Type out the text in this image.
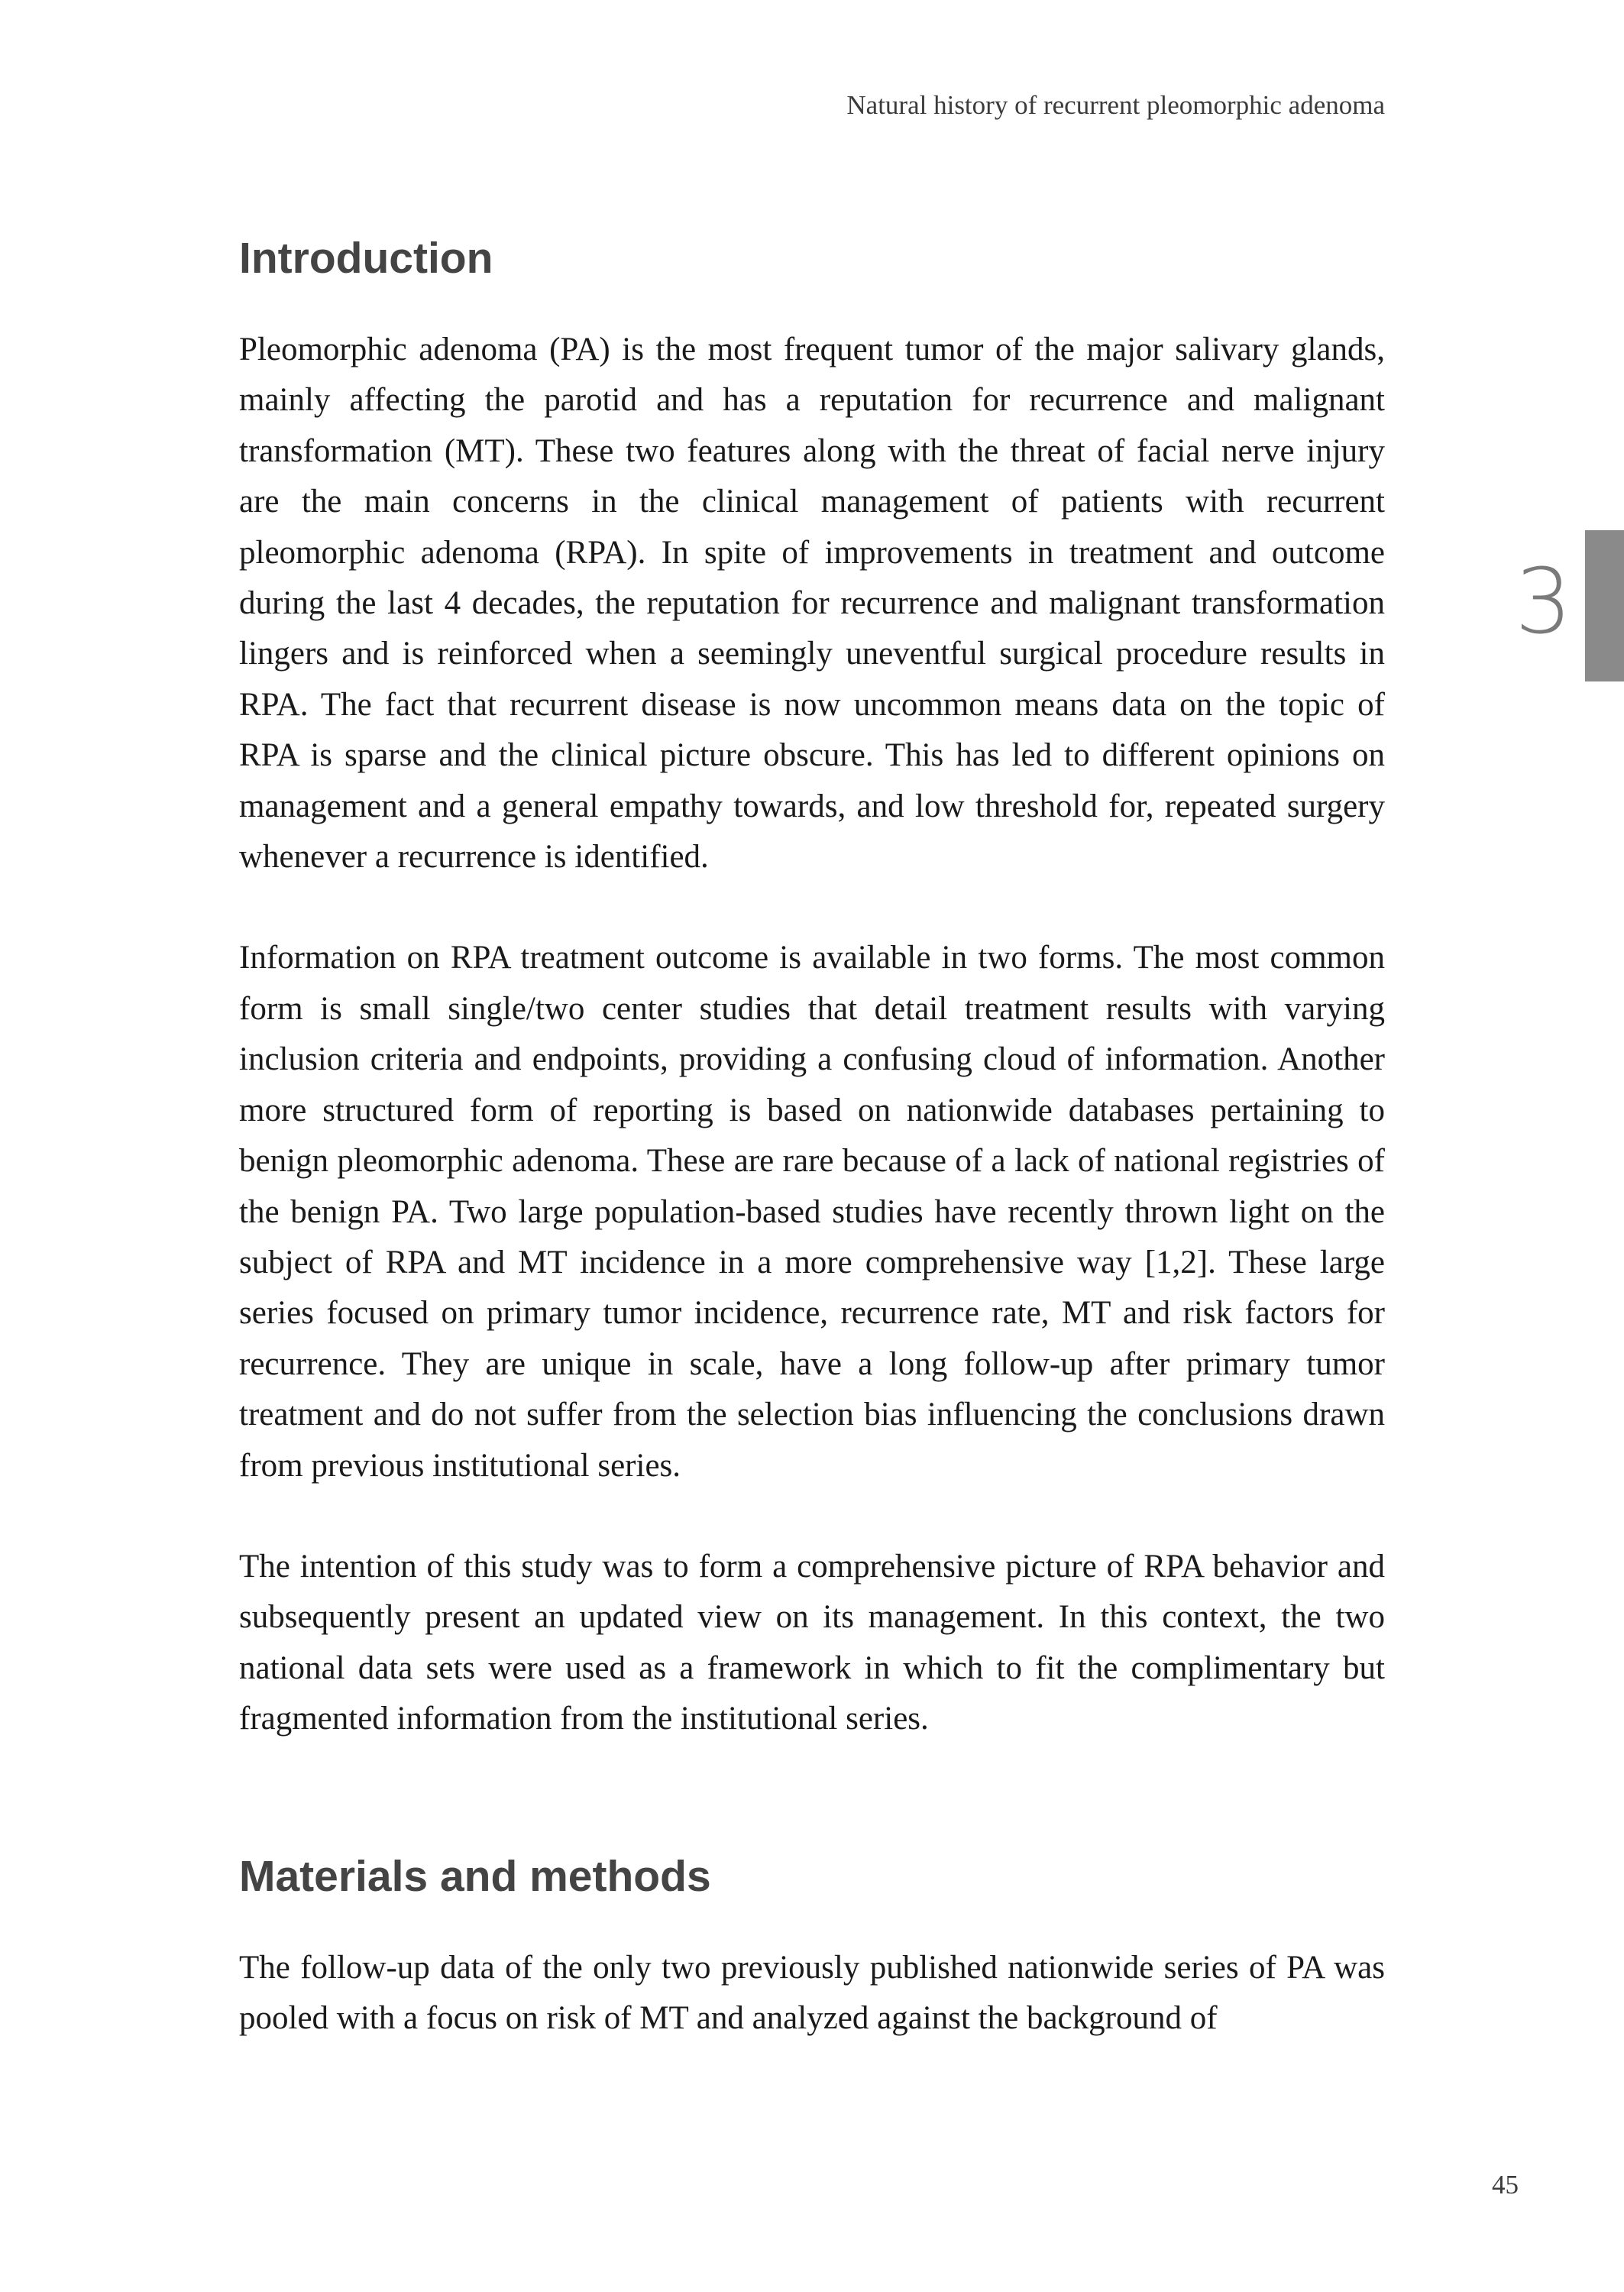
Natural history of recurrent pleomorphic adenoma

3

Introduction

Pleomorphic adenoma (PA) is the most frequent tumor of the major salivary glands, mainly affecting the parotid and has a reputation for recurrence and malignant transformation (MT). These two features along with the threat of facial nerve injury are the main concerns in the clinical management of patients with recurrent pleomorphic adenoma (RPA). In spite of improvements in treatment and outcome during the last 4 decades, the reputation for recurrence and malignant transformation lingers and is reinforced when a seemingly uneventful surgical procedure results in RPA. The fact that recurrent disease is now uncommon means data on the topic of RPA is sparse and the clinical picture obscure. This has led to different opinions on management and a general empathy towards, and low threshold for, repeated surgery whenever a recurrence is identified.

Information on RPA treatment outcome is available in two forms. The most common form is small single/two center studies that detail treatment results with varying inclusion criteria and endpoints, providing a confusing cloud of information. Another more structured form of reporting is based on nationwide databases pertaining to benign pleomorphic adenoma. These are rare because of a lack of national registries of the benign PA. Two large population-based studies have recently thrown light on the subject of RPA and MT incidence in a more comprehensive way [1,2]. These large series focused on primary tumor incidence, recurrence rate, MT and risk factors for recurrence. They are unique in scale, have a long follow-up after primary tumor treatment and do not suffer from the selection bias influencing the conclusions drawn from previous institutional series.

The intention of this study was to form a comprehensive picture of RPA behavior and subsequently present an updated view on its management. In this context, the two national data sets were used as a framework in which to fit the complimentary but fragmented information from the institutional series.

Materials and methods

The follow-up data of the only two previously published nationwide series of PA was pooled with a focus on risk of MT and analyzed against the background of

45
